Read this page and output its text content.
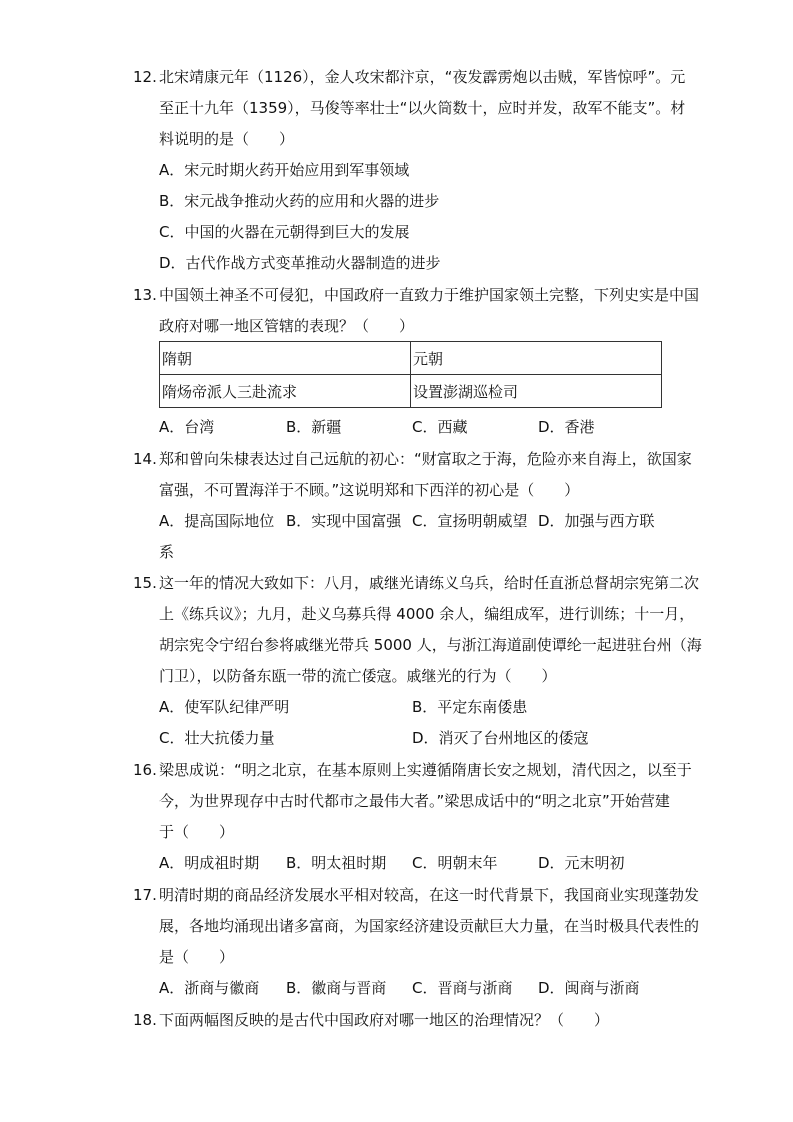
12. 北宋靖康元年（1126），金人攻宋都汴京，“夜发霹雳炮以击贼，军皆惊呼”。元
至正十九年（1359），马俊等率壮士“以火筒数十，应时并发，敌军不能支”。材
料说明的是（　　）
A．宋元时期火药开始应用到军事领域
B．宋元战争推动火药的应用和火器的进步
C．中国的火器在元朝得到巨大的发展
D．古代作战方式变革推动火器制造的进步
13. 中国领土神圣不可侵犯，中国政府一直致力于维护国家领土完整，下列史实是中国
政府对哪一地区管辖的表现？（　　）
隋朝	元朝
隋炀帝派人三赴流求	设置澎湖巡检司
A．台湾	B．新疆	C．西藏	D．香港
14. 郑和曾向朱棣表达过自己远航的初心：“财富取之于海，危险亦来自海上，欲国家
富强，不可置海洋于不顾。”这说明郑和下西洋的初心是（　　）
A．提高国际地位 B．实现中国富强 C．宣扬明朝威望 D．加强与西方联
系
15. 这一年的情况大致如下：八月，戚继光请练义乌兵，给时任直浙总督胡宗宪第二次
上《练兵议》；九月，赴义乌募兵得 4000 余人，编组成军，进行训练；十一月，
胡宗宪令宁绍台参将戚继光带兵 5000 人，与浙江海道副使谭纶一起进驻台州（海
门卫），以防备东瓯一带的流亡倭寇。戚继光的行为（　　）
A．使军队纪律严明	B．平定东南倭患
C．壮大抗倭力量	D．消灭了台州地区的倭寇
16. 梁思成说：“明之北京，在基本原则上实遵循隋唐长安之规划，清代因之，以至于
今，为世界现存中古时代都市之最伟大者。”梁思成话中的“明之北京”开始营建
于（　　）
A．明成祖时期 B．明太祖时期 C．明朝末年	D．元末明初
17. 明清时期的商品经济发展水平相对较高，在这一时代背景下，我国商业实现蓬勃发
展，各地均涌现出诸多富商，为国家经济建设贡献巨大力量，在当时极具代表性的
是（　　）
A．浙商与徽商 B．徽商与晋商 C．晋商与浙商 D．闽商与浙商
18. 下面两幅图反映的是古代中国政府对哪一地区的治理情况？（　　）
